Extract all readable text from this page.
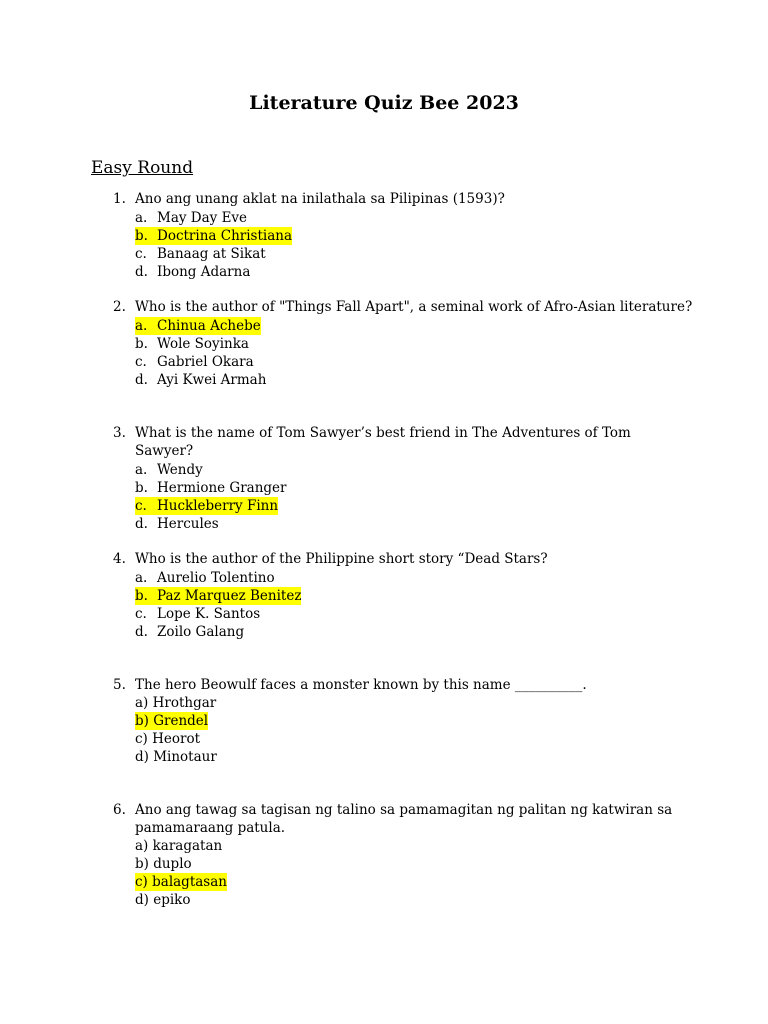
Literature Quiz Bee 2023
Easy Round
1. Ano ang unang aklat na inilathala sa Pilipinas (1593)?
a. May Day Eve
b. Doctrina Christiana
c. Banaag at Sikat
d. Ibong Adarna
2. Who is the author of "Things Fall Apart", a seminal work of Afro-Asian literature?
a. Chinua Achebe
b. Wole Soyinka
c. Gabriel Okara
d. Ayi Kwei Armah
3. What is the name of Tom Sawyer’s best friend in The Adventures of Tom Sawyer?
a. Wendy
b. Hermione Granger
c. Huckleberry Finn
d. Hercules
4. Who is the author of the Philippine short story “Dead Stars?
a. Aurelio Tolentino
b. Paz Marquez Benitez
c. Lope K. Santos
d. Zoilo Galang
5. The hero Beowulf faces a monster known by this name __________.
a) Hrothgar
b) Grendel
c) Heorot
d) Minotaur
6. Ano ang tawag sa tagisan ng talino sa pamamagitan ng palitan ng katwiran sa pamamaraang patula.
a) karagatan
b) duplo
c) balagtasan
d) epiko
